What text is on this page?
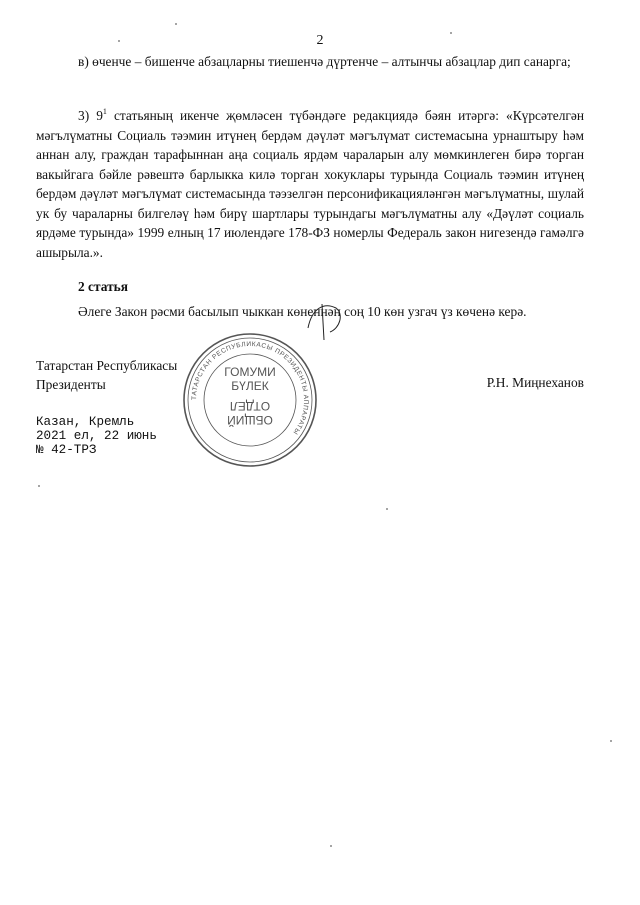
2

в) өченче – бишенче абзацларны тиешенчә дүртенче – алтынчы абзацлар дип санарга;

3) $9^1$ статьяның икенче җөмләсен түбәндәге редакциядә бәян итәргә: «Күрсәтелгән мәгълүматны Социаль тәэмин итүнең бердәм дәүләт мәгълүмат системасына урнаштыру һәм аннан алу, граждан тарафыннан аңа социаль ярдәм чараларын алу мөмкинлеген бирә торган вакыйгага бәйле рәвештә барлыкка килә торган хокуклары турында Социаль тәэмин итүнең бердәм дәүләт мәгълүмат системасында тәэзелгән персонификацияләнгән мәгълүматны, шулай ук бу чараларны билгеләү һәм бирү шартлары турындагы мәгълүматны алу «Дәүләт социаль ярдәме турында» 1999 елның 17 июлендәге 178-ФЗ номерлы Федераль закон нигезендә гамәлгә ашырыла.».

2 статья

Әлеге Закон рәсми басылып чыккан көненнән соң 10 көн узгач үз көченә керә.

Татарстан Республикасы
Президенты	Р.Н. Миңнеханов
Казан, Кремль
2021 ел, 22 июнь
№ 42-ТРЗ
ТАТАРСТАН РЕСПУБЛИКАСЫ ПРЕЗИДЕНТЫ АППАРАТЫ
ГОМУМИ
БҮЛЕК
ОБЩИЙ
ОТДЕЛ
